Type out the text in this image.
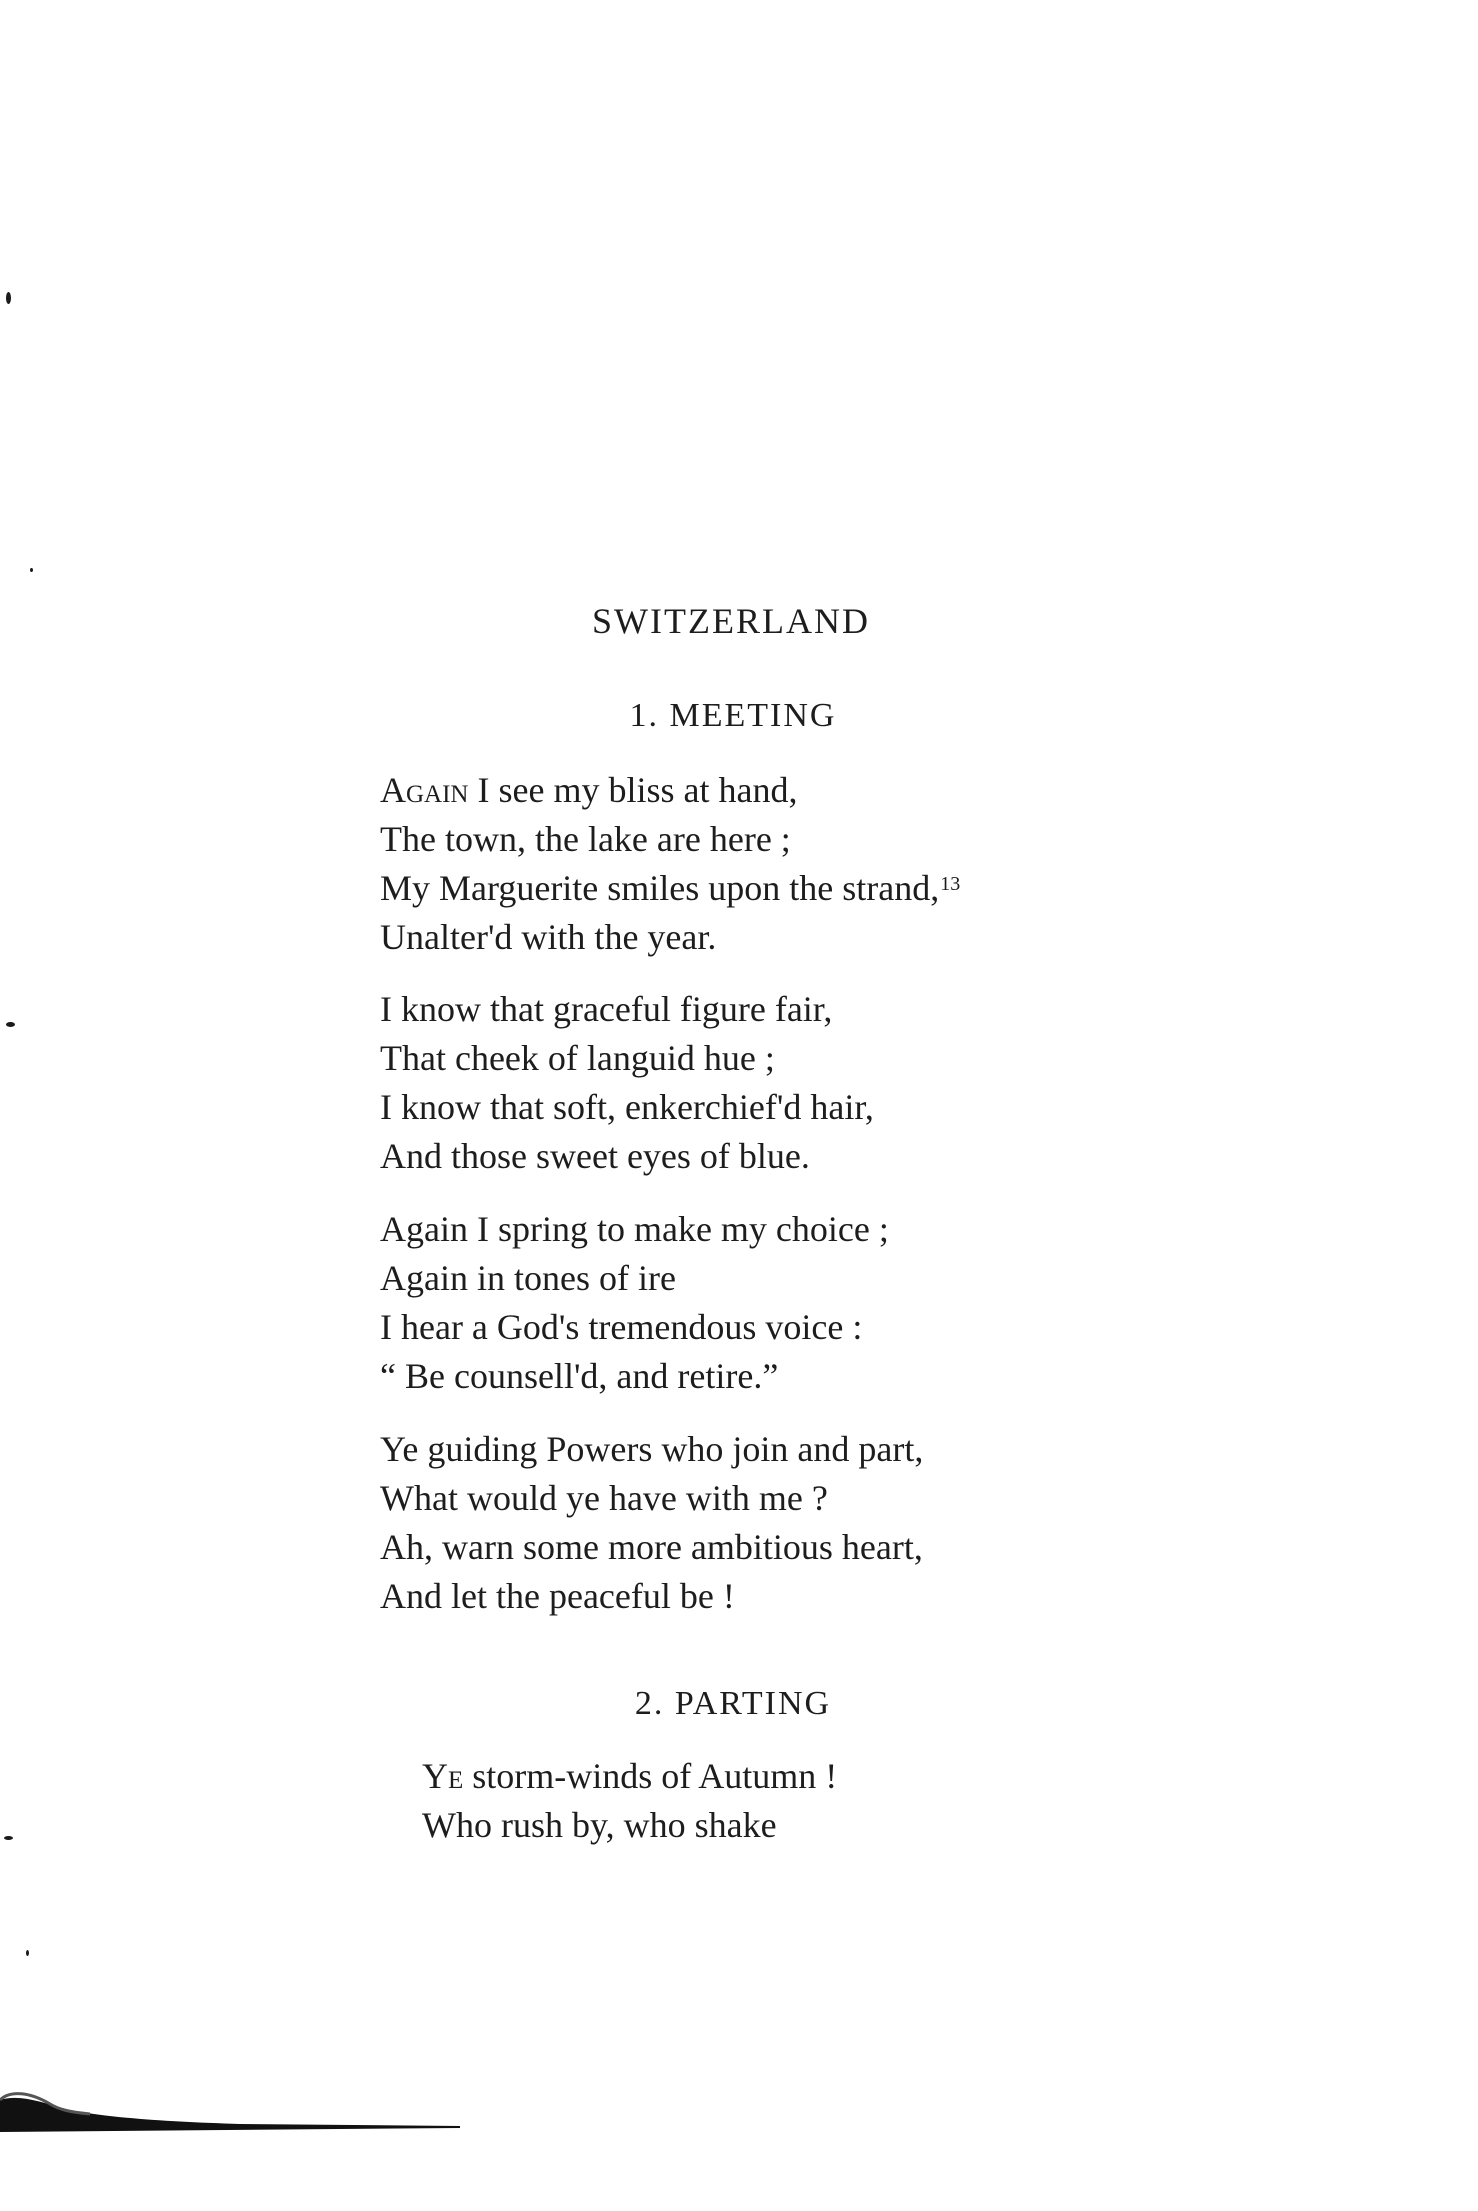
SWITZERLAND
1. MEETING
Again I see my bliss at hand,
The town, the lake are here ;
My Marguerite smiles upon the strand,$^{13}$
Unalter'd with the year.
I know that graceful figure fair,
That cheek of languid hue ;
I know that soft, enkerchief'd hair,
And those sweet eyes of blue.
Again I spring to make my choice ;
Again in tones of ire
I hear a God's tremendous voice :
“ Be counsell'd, and retire.”
Ye guiding Powers who join and part,
What would ye have with me ?
Ah, warn some more ambitious heart,
And let the peaceful be !
2. PARTING
Ye storm-winds of Autumn !
Who rush by, who shake
